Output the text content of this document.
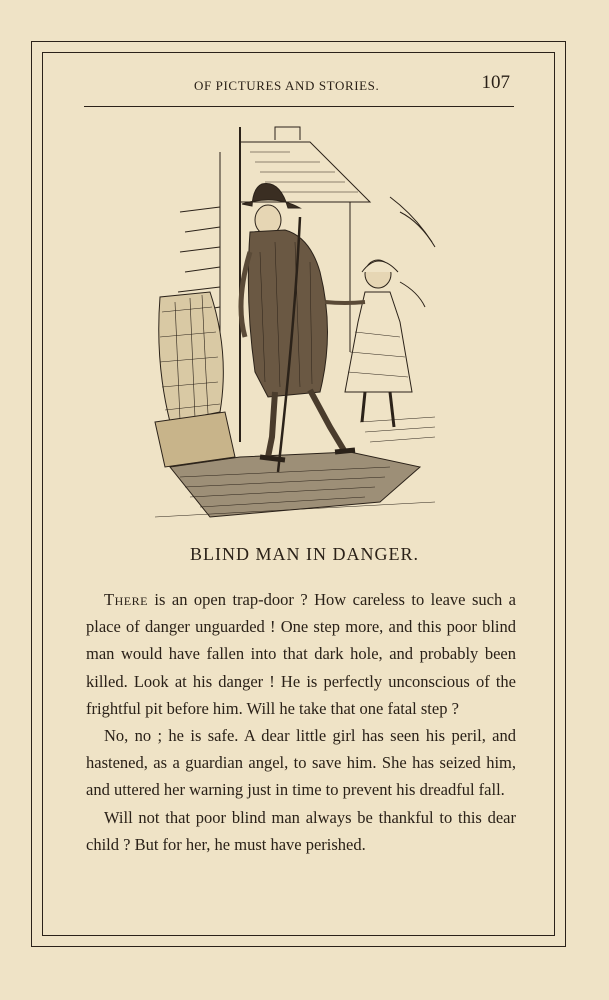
OF PICTURES AND STORIES.	107
BLIND MAN IN DANGER.

There is an open trap-door ? How careless to leave such a place of danger unguarded ! One step more, and this poor blind man would have fallen into that dark hole, and probably been killed. Look at his danger ! He is perfectly unconscious of the frightful pit before him. Will he take that one fatal step ?

No, no ; he is safe. A dear little girl has seen his peril, and hastened, as a guardian angel, to save him. She has seized him, and uttered her warning just in time to prevent his dreadful fall.

Will not that poor blind man always be thankful to this dear child ? But for her, he must have perished.
